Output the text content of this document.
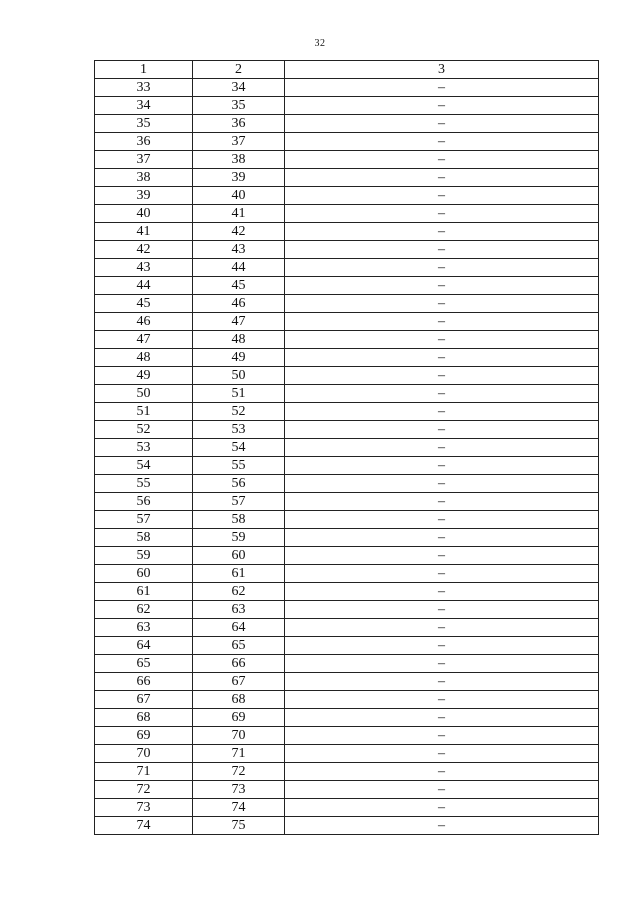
32
1	2	3
33	34	–
34	35	–
35	36	–
36	37	–
37	38	–
38	39	–
39	40	–
40	41	–
41	42	–
42	43	–
43	44	–
44	45	–
45	46	–
46	47	–
47	48	–
48	49	–
49	50	–
50	51	–
51	52	–
52	53	–
53	54	–
54	55	–
55	56	–
56	57	–
57	58	–
58	59	–
59	60	–
60	61	–
61	62	–
62	63	–
63	64	–
64	65	–
65	66	–
66	67	–
67	68	–
68	69	–
69	70	–
70	71	–
71	72	–
72	73	–
73	74	–
74	75	–
